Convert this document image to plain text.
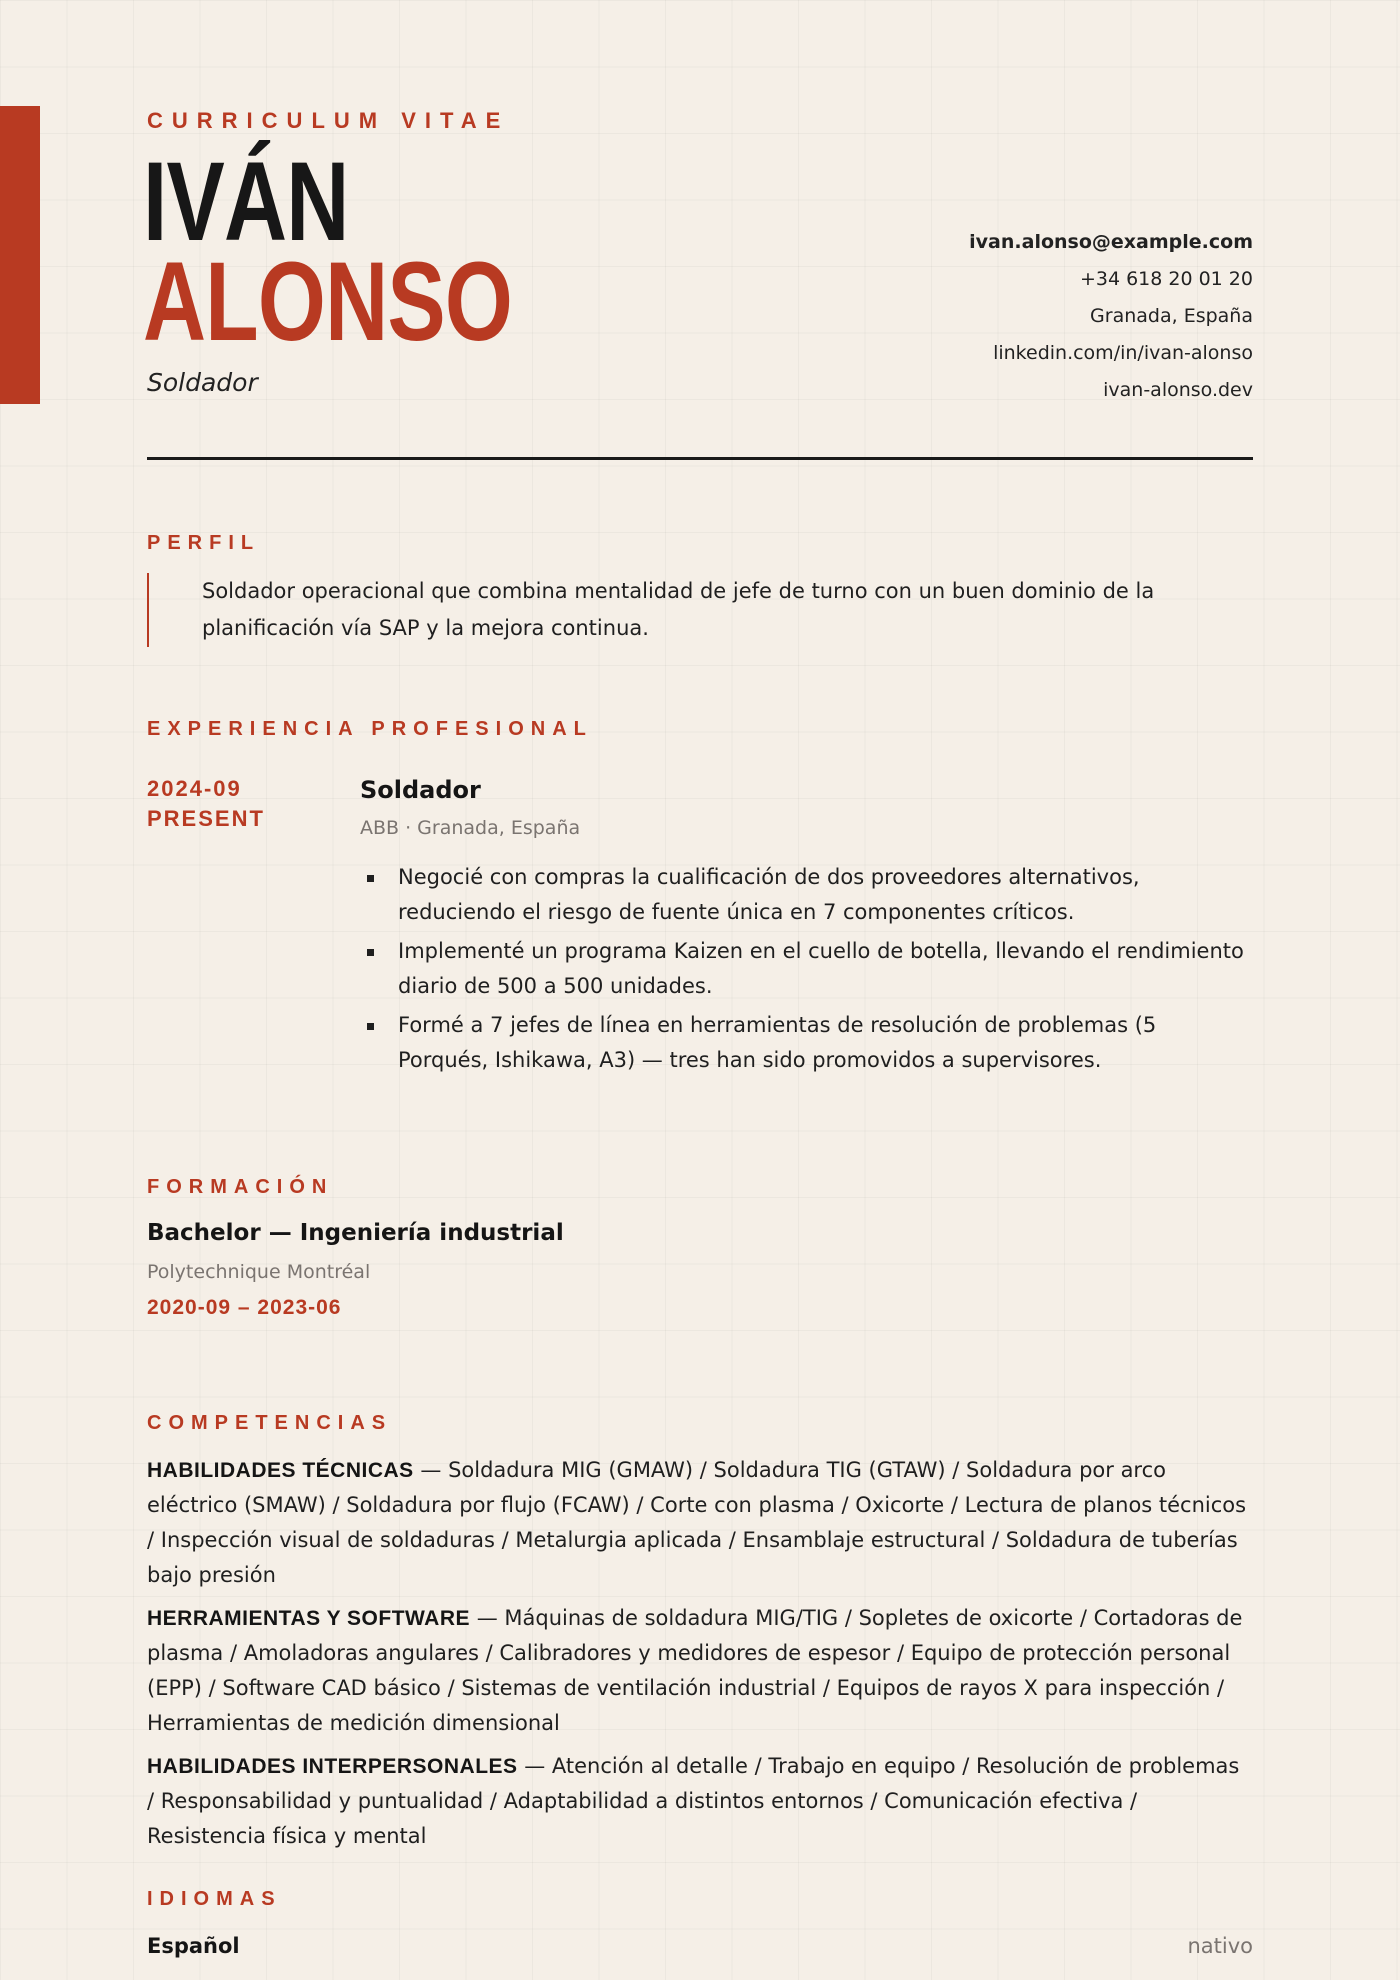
CURRICULUM VITAE
IVÁN
ALONSO
Soldador
ivan.alonso@example.com
+34 618 20 01 20
Granada, España
linkedin.com/in/ivan-alonso
ivan-alonso.dev
PERFIL
Soldador operacional que combina mentalidad de jefe de turno con un buen dominio de la planificación vía SAP y la mejora continua.
EXPERIENCIA PROFESIONAL
2024-09
PRESENT
Soldador
ABB · Granada, España
Negocié con compras la cualificación de dos proveedores alternativos, reduciendo el riesgo de fuente única en 7 componentes críticos.
Implementé un programa Kaizen en el cuello de botella, llevando el rendimiento diario de 500 a 500 unidades.
Formé a 7 jefes de línea en herramientas de resolución de problemas (5 Porqués, Ishikawa, A3) — tres han sido promovidos a supervisores.
FORMACIÓN
Bachelor — Ingeniería industrial
Polytechnique Montréal
2020-09 – 2023-06
COMPETENCIAS
HABILIDADES TÉCNICAS — Soldadura MIG (GMAW) / Soldadura TIG (GTAW) / Soldadura por arco eléctrico (SMAW) / Soldadura por flujo (FCAW) / Corte con plasma / Oxicorte / Lectura de planos técnicos / Inspección visual de soldaduras / Metalurgia aplicada / Ensamblaje estructural / Soldadura de tuberías bajo presión
HERRAMIENTAS Y SOFTWARE — Máquinas de soldadura MIG/TIG / Sopletes de oxicorte / Cortadoras de plasma / Amoladoras angulares / Calibradores y medidores de espesor / Equipo de protección personal (EPP) / Software CAD básico / Sistemas de ventilación industrial / Equipos de rayos X para inspección / Herramientas de medición dimensional
HABILIDADES INTERPERSONALES — Atención al detalle / Trabajo en equipo / Resolución de problemas / Responsabilidad y puntualidad / Adaptabilidad a distintos entornos / Comunicación efectiva / Resistencia física y mental
IDIOMAS
Español	nativo
